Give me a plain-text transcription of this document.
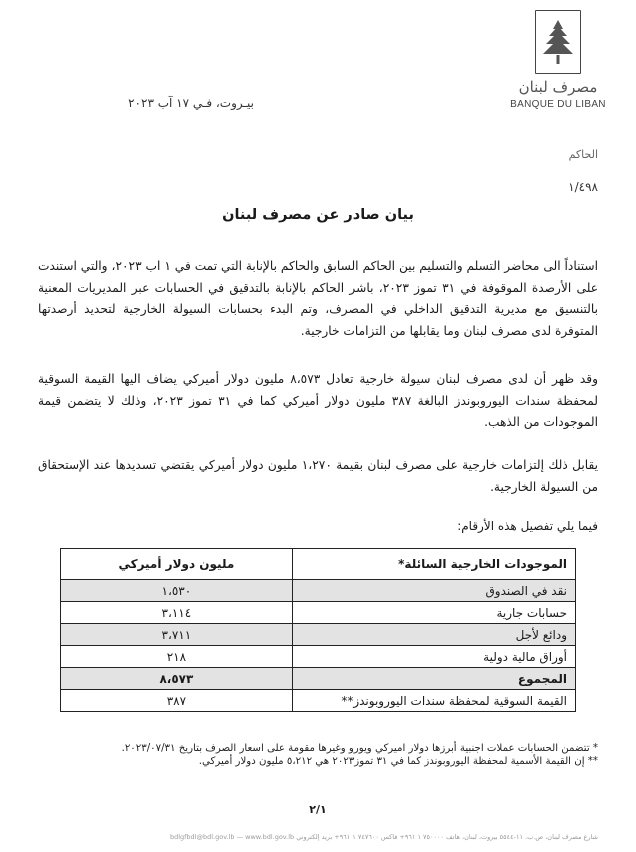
مصرف لبنان
BANQUE DU LIBAN
بيـروت، فـي ١٧ آب ٢٠٢٣
الحاكم
١/٤٩٨
بيان صادر عن مصرف لبنان
استناداً الى محاضر التسلم والتسليم بين الحاكم السابق والحاكم بالإنابة التي تمت في ١ اب ٢٠٢٣، والتي استندت على الأرصدة الموقوفة في ٣١ تموز ٢٠٢٣، باشر الحاكم بالإنابة بالتدقيق في الحسابات عبر المديريات المعنية بالتنسيق مع مديرية التدقيق الداخلي في المصرف، وتم البدء بحسابات السيولة الخارجية لتحديد أرصدتها المتوفرة لدى مصرف لبنان وما يقابلها من التزامات خارجية.
وقد ظهر أن لدى مصرف لبنان سيولة خارجية تعادل ٨،٥٧٣ مليون دولار أميركي يضاف اليها القيمة السوقية لمحفظة سندات اليوروبوندز البالغة ٣٨٧ مليون دولار أميركي كما في ٣١ تموز ٢٠٢٣، وذلك لا يتضمن قيمة الموجودات من الذهب.
يقابل ذلك إلتزامات خارجية على مصرف لبنان بقيمة ١،٢٧٠ مليون دولار أميركي يقتضي تسديدها عند الإستحقاق من السيولة الخارجية.
فيما يلي تفصيل هذه الأرقام:
الموجودات الخارجية السائلة*	مليون دولار أميركي
نقد في الصندوق	١،٥٣٠
حسابات جارية	٣،١١٤
ودائع لأجل	٣،٧١١
أوراق مالية دولية	٢١٨
المجموع	٨،٥٧٣
القيمة السوقية لمحفظة سندات اليوروبوندز**	٣٨٧
* تتضمن الحسابات عملات اجنبية أبرزها دولار اميركي ويورو وغيرها مقومة على اسعار الصرف بتاريخ ٢٠٢٣/٠٧/٣١.
** إن القيمة الأسمية لمحفظة اليوروبوندز كما في ٣١ تموز٢٠٢٣ هي ٥،٢١٢ مليون دولار أميركي.
٢/١
شارع مصرف لبنان، ص.ب. ١١-٥٥٤٤ بيروت، لبنان، هاتف ٧٥٠٠٠٠ ١ ٩٦١+ فاكس ٧٤٧٦٠٠ ١ ٩٦١+ بريد إلكتروني bdlgfbdl@bdl.gov.lb — www.bdl.gov.lb
